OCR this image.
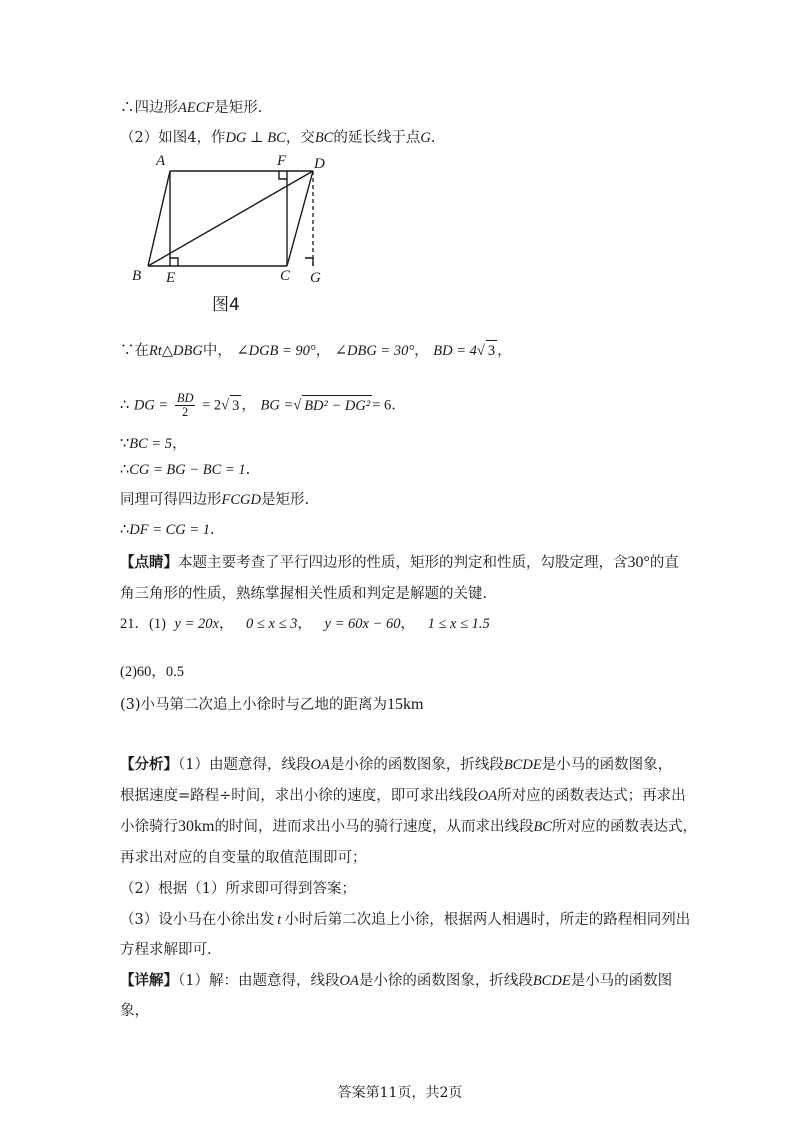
∴四边形AECF是矩形.
（2）如图4，作DG ⊥ BC，交BC的延长线于点G.
A	F D
B E	C G
图4
∵在Rt△DBG中， ∠DGB = 90°， ∠DBG = 30°， BD = 4√ 3 ，
∴ DG = $\frac{BD}{2} = 2√$ 3 ， BG =√ BD² − DG² = 6.
∵BC = 5，
∴CG = BG − BC = 1.
同理可得四边形FCGD是矩形.
∴DF = CG = 1.
【点睛】本题主要考查了平行四边形的性质，矩形的判定和性质，勾股定理，含30°的直
角三角形的性质，熟练掌握相关性质和判定是解题的关键.
21．(1) y = 20x， 0 ≤ x ≤ 3， y = 60x − 60， 1 ≤ x ≤ 1.5
(2)60，0.5
(3)小马第二次追上小徐时与乙地的距离为15km
【分析】（1）由题意得，线段OA是小徐的函数图象，折线段BCDE是小马的函数图象，
根据速度=路程÷时间，求出小徐的速度，即可求出线段OA所对应的函数表达式；再求出
小徐骑行30km的时间，进而求出小马的骑行速度，从而求出线段BC所对应的函数表达式，
再求出对应的自变量的取值范围即可；
（2）根据（1）所求即可得到答案；
（3）设小马在小徐出发 t 小时后第二次追上小徐，根据两人相遇时，所走的路程相同列出
方程求解即可.
【详解】（1）解：由题意得，线段OA是小徐的函数图象，折线段BCDE是小马的函数图
象，
答案第11页，共2页
